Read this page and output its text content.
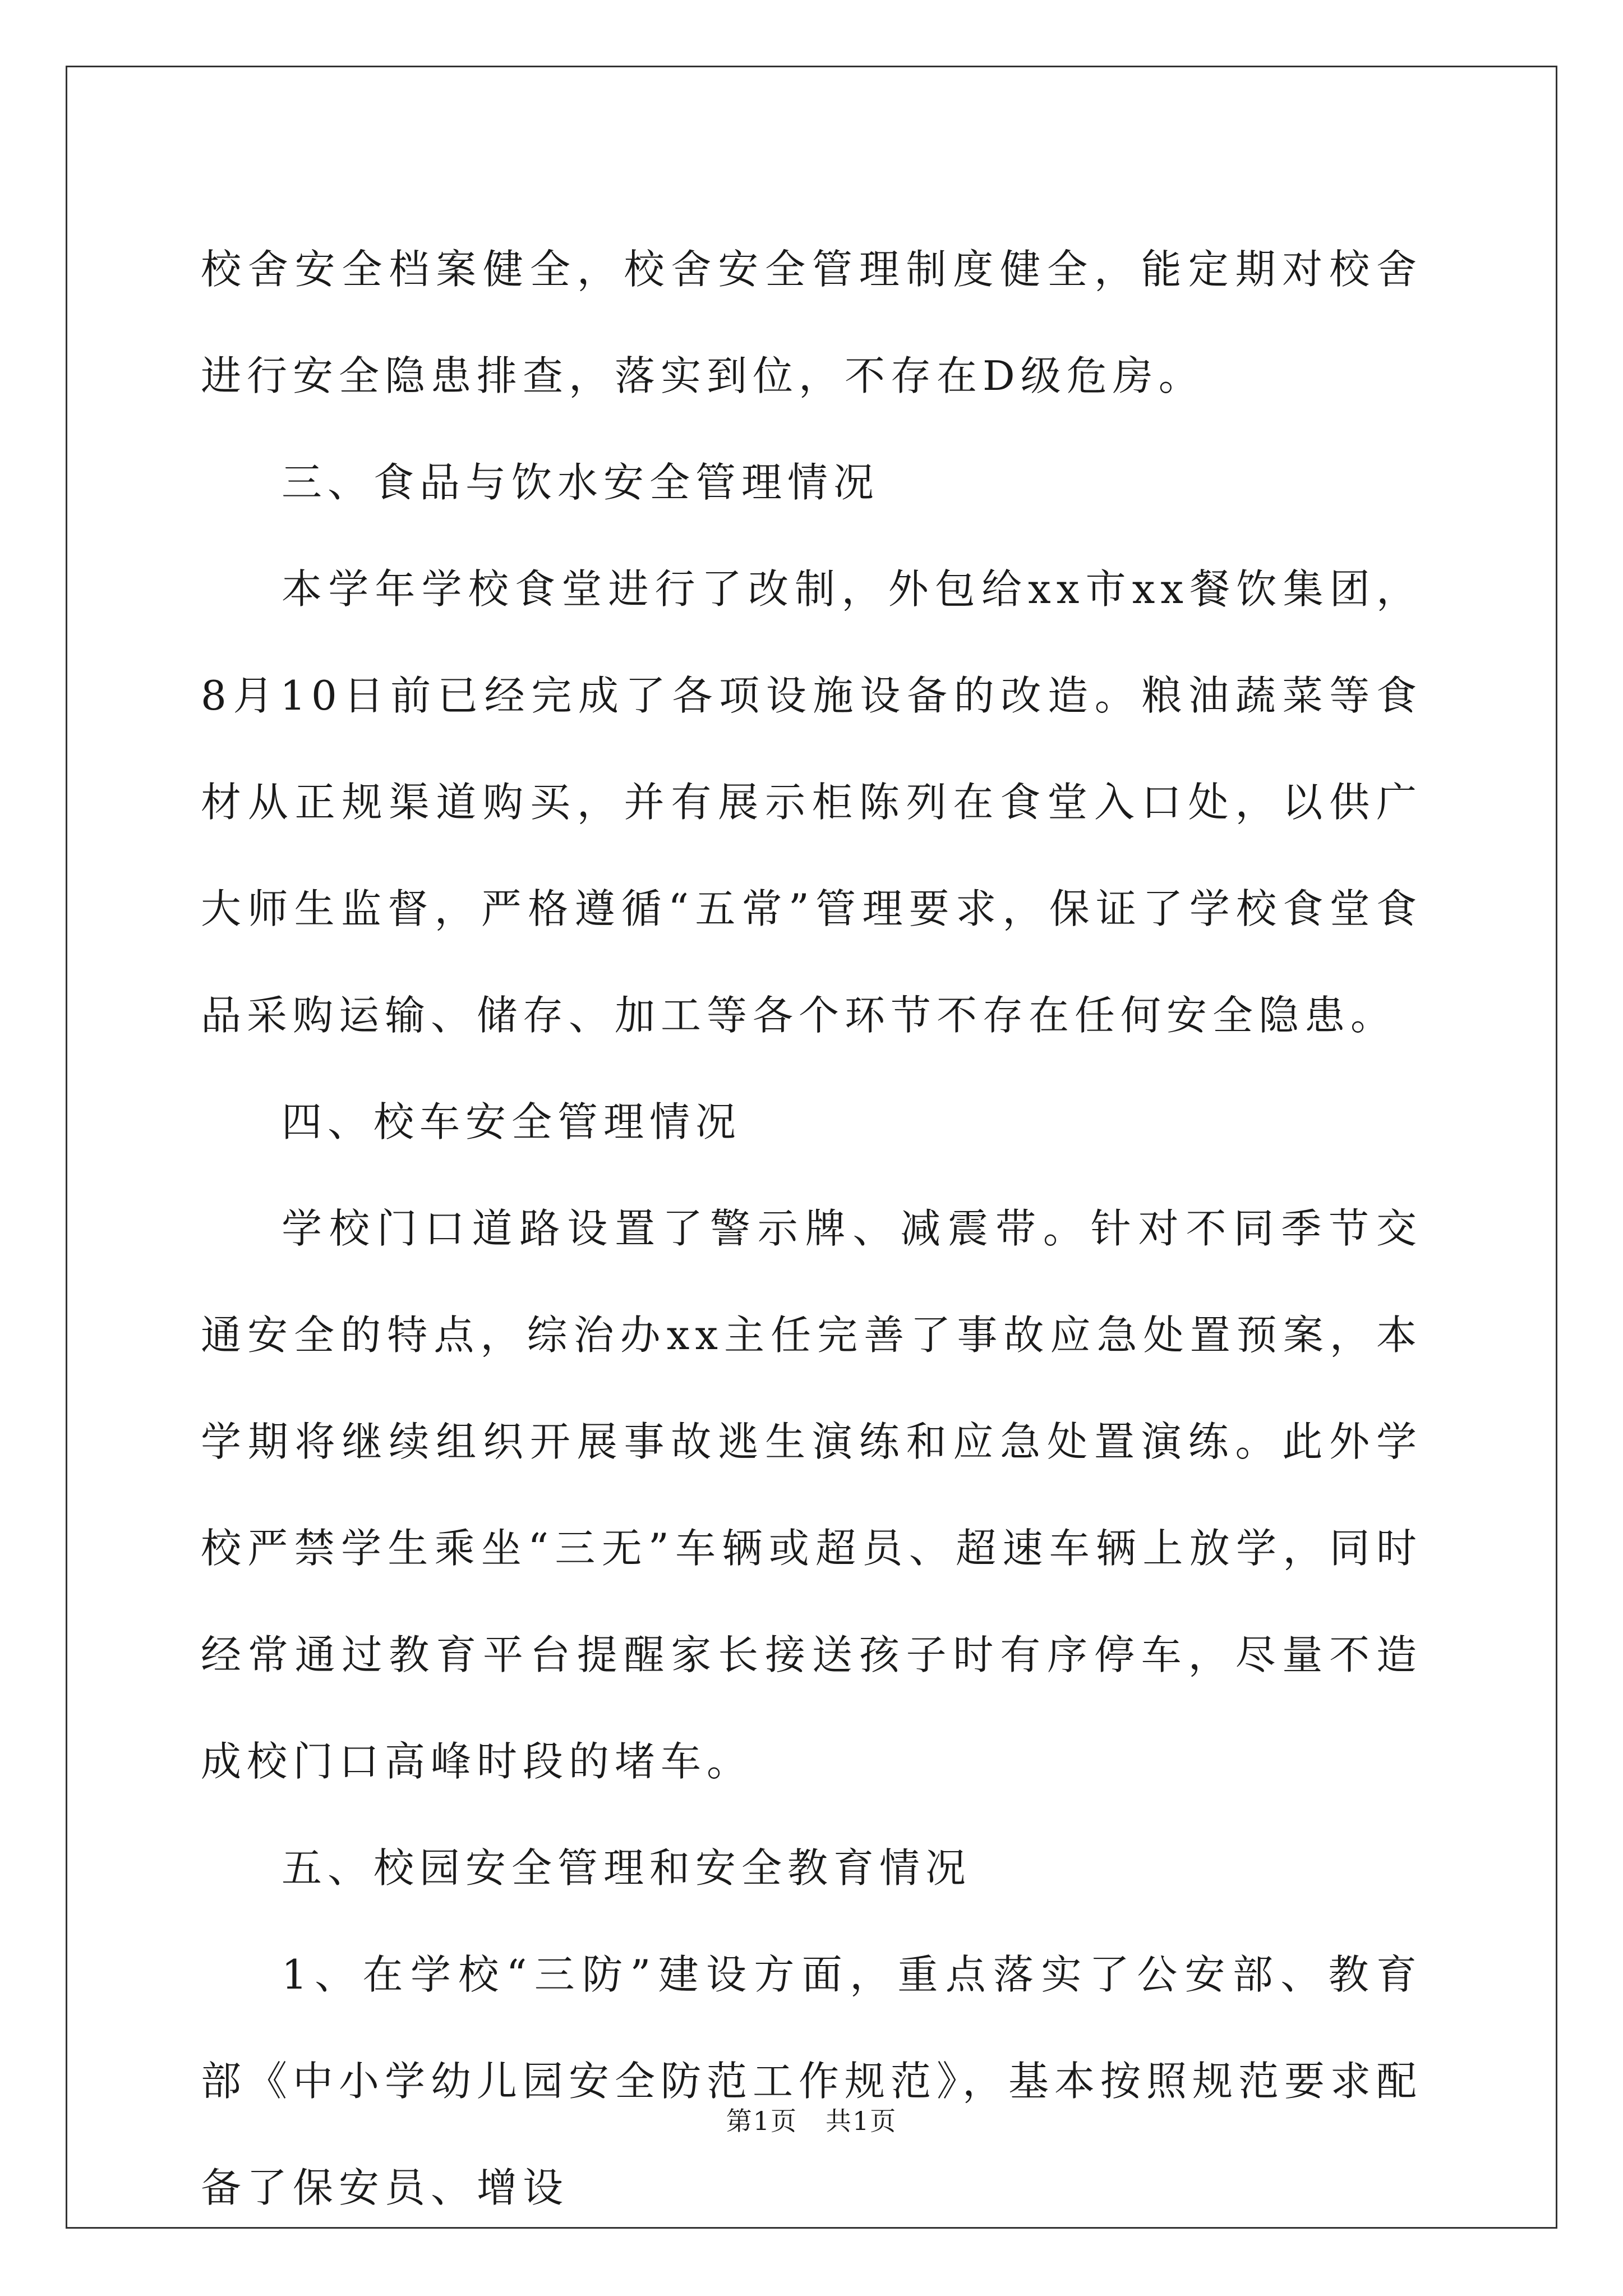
校舍安全档案健全，校舍安全管理制度健全，能定期对校舍进行安全隐患排查，落实到位，不存在D级危房。

三、食品与饮水安全管理情况

本学年学校食堂进行了改制，外包给xx市xx餐饮集团，8月10日前已经完成了各项设施设备的改造。粮油蔬菜等食材从正规渠道购买，并有展示柜陈列在食堂入口处，以供广大师生监督，严格遵循“五常”管理要求，保证了学校食堂食品采购运输、储存、加工等各个环节不存在任何安全隐患。

四、校车安全管理情况

学校门口道路设置了警示牌、减震带。针对不同季节交通安全的特点，综治办xx主任完善了事故应急处置预案，本学期将继续组织开展事故逃生演练和应急处置演练。此外学校严禁学生乘坐“三无”车辆或超员、超速车辆上放学，同时经常通过教育平台提醒家长接送孩子时有序停车，尽量不造成校门口高峰时段的堵车。

五、校园安全管理和安全教育情况

1、在学校“三防”建设方面，重点落实了公安部、教育部《中小学幼儿园安全防范工作规范》，基本按照规范要求配备了保安员、增设

第1页 共1页
